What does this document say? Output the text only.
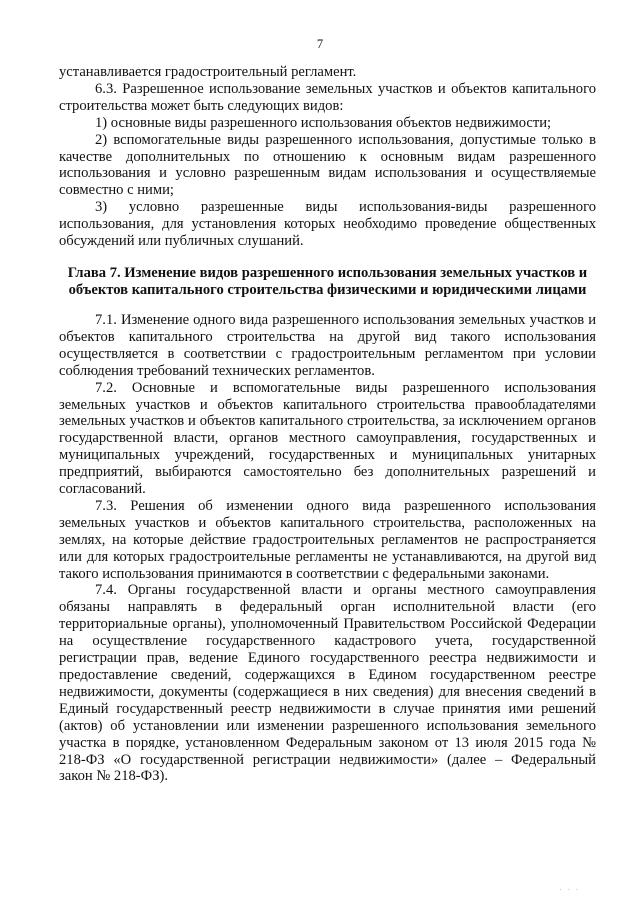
7

устанавливается градостроительный регламент.

6.3. Разрешенное использование земельных участков и объектов капитального строительства может быть следующих видов:

1) основные виды разрешенного использования объектов недвижимости;

2) вспомогательные виды разрешенного использования, допустимые только в качестве дополнительных по отношению к основным видам разрешенного использования и условно разрешенным видам использования и осуществляемые совместно с ними;

3) условно разрешенные виды использования-виды разрешенного использования, для установления которых необходимо проведение общественных обсуждений или публичных слушаний.

Глава 7. Изменение видов разрешенного использования земельных участков и объектов капитального строительства физическими и юридическими лицами

7.1. Изменение одного вида разрешенного использования земельных участков и объектов капитального строительства на другой вид такого использования осуществляется в соответствии с градостроительным регламентом при условии соблюдения требований технических регламентов.

7.2. Основные и вспомогательные виды разрешенного использования земельных участков и объектов капитального строительства правообладателями земельных участков и объектов капитального строительства, за исключением органов государственной власти, органов местного самоуправления, государственных и муниципальных учреждений, государственных и муниципальных унитарных предприятий, выбираются самостоятельно без дополнительных разрешений и согласований.

7.3. Решения об изменении одного вида разрешенного использования земельных участков и объектов капитального строительства, расположенных на землях, на которые действие градостроительных регламентов не распространяется или для которых градостроительные регламенты не устанавливаются, на другой вид такого использования принимаются в соответствии с федеральными законами.

7.4. Органы государственной власти и органы местного самоуправления обязаны направлять в федеральный орган исполнительной власти (его территориальные органы), уполномоченный Правительством Российской Федерации на осуществление государственного кадастрового учета, государственной регистрации прав, ведение Единого государственного реестра недвижимости и предоставление сведений, содержащихся в Едином государственном реестре недвижимости, документы (содержащиеся в них сведения) для внесения сведений в Единый государственный реестр недвижимости в случае принятия ими решений (актов) об установлении или изменении разрешенного использования земельного участка в порядке, установленном Федеральным законом от 13 июля 2015 года № 218-ФЗ «О государственной регистрации недвижимости» (далее – Федеральный закон № 218-ФЗ).

· · ·
